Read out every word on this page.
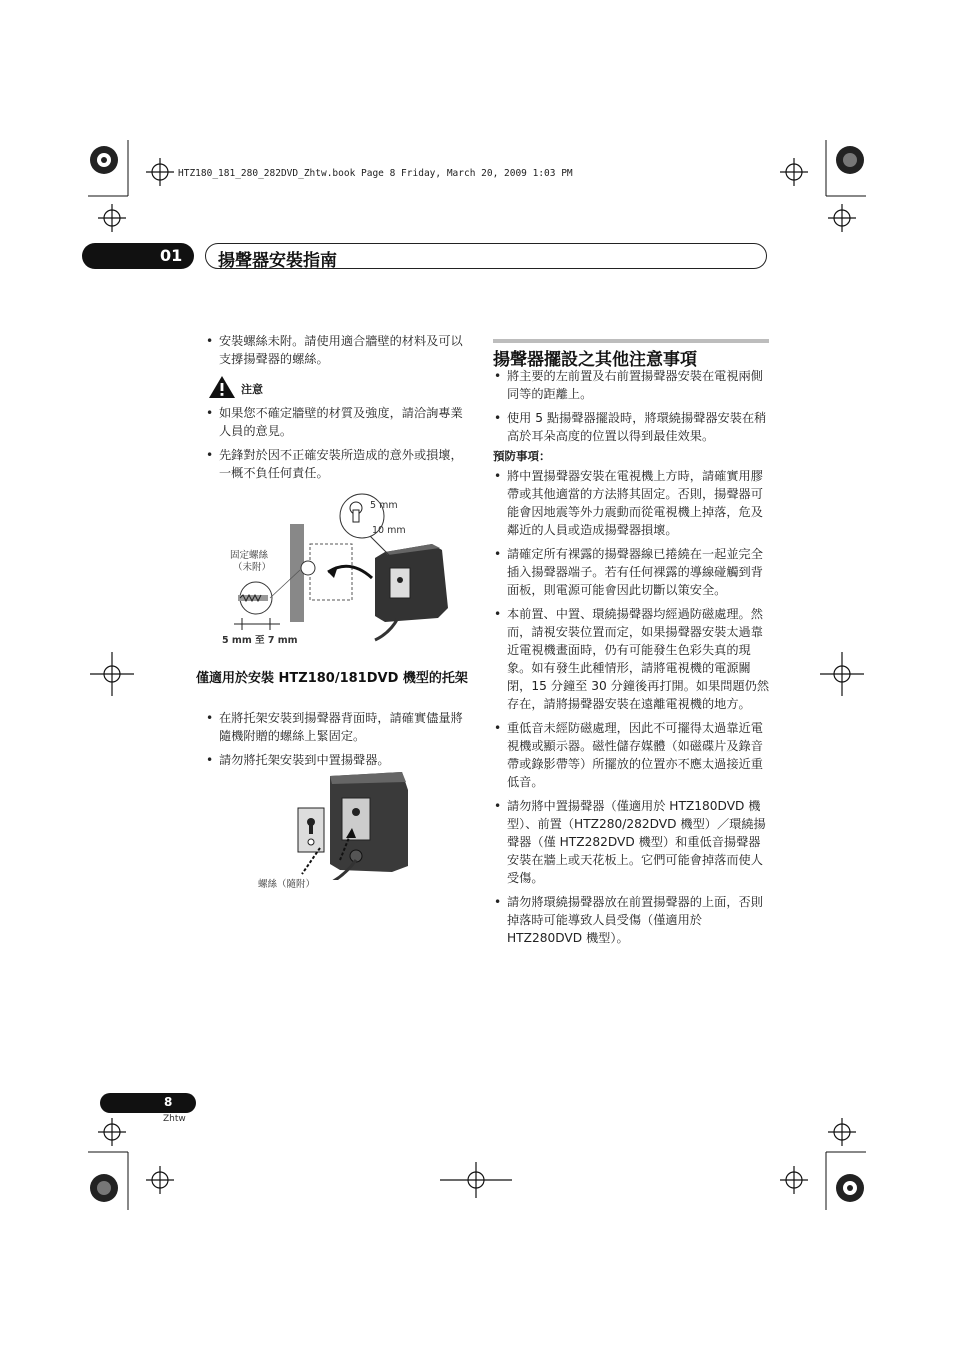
HTZ180_181_280_282DVD_Zhtw.book Page 8 Friday, March 20, 2009 1:03 PM
01 揚聲器安裝指南
• 安裝螺絲未附。請使用適合牆壁的材料及可以支撐揚聲器的螺絲。
注意
• 如果您不確定牆壁的材質及強度，請洽詢專業人員的意見。
• 先鋒對於因不正確安裝所造成的意外或損壞，一概不負任何責任。
5 mm
10 mm
固定螺絲
（未附）
5 mm 至 7 mm
僅適用於安裝 HTZ180/181DVD 機型的托架
• 在將托架安裝到揚聲器背面時，請確實儘量將隨機附贈的螺絲上緊固定。
• 請勿將托架安裝到中置揚聲器。
螺絲（隨附）
揚聲器擺設之其他注意事項
• 將主要的左前置及右前置揚聲器安裝在電視兩側同等的距離上。
• 使用 5 點揚聲器擺設時，將環繞揚聲器安裝在稍高於耳朵高度的位置以得到最佳效果。
預防事項：
• 將中置揚聲器安裝在電視機上方時，請確實用膠帶或其他適當的方法將其固定。否則，揚聲器可能會因地震等外力震動而從電視機上掉落，危及鄰近的人員或造成揚聲器損壞。
• 請確定所有裸露的揚聲器線已捲繞在一起並完全插入揚聲器端子。若有任何裸露的導線碰觸到背面板，則電源可能會因此切斷以策安全。
• 本前置、中置、環繞揚聲器均經過防磁處理。然而，請視安裝位置而定，如果揚聲器安裝太過靠近電視機畫面時，仍有可能發生色彩失真的現象。如有發生此種情形，請將電視機的電源關閉，15 分鐘至 30 分鐘後再打開。如果問題仍然存在，請將揚聲器安裝在遠離電視機的地方。
• 重低音未經防磁處理，因此不可擺得太過靠近電視機或顯示器。磁性儲存媒體（如磁碟片及錄音帶或錄影帶等）所擺放的位置亦不應太過接近重低音。
• 請勿將中置揚聲器（僅適用於 HTZ180DVD 機型）、前置（HTZ280/282DVD 機型）／環繞揚聲器（僅 HTZ282DVD 機型）和重低音揚聲器安裝在牆上或天花板上。它們可能會掉落而使人受傷。
• 請勿將環繞揚聲器放在前置揚聲器的上面，否則掉落時可能導致人員受傷（僅適用於 HTZ280DVD 機型）。
8
Zhtw
